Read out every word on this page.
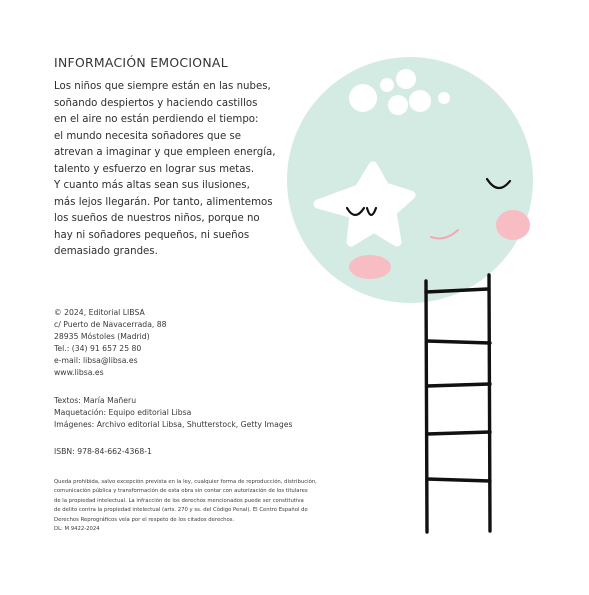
INFORMACIÓN EMOCIONAL
Los niños que siempre están en las nubes,
soñando despiertos y haciendo castillos
en el aire no están perdiendo el tiempo:
el mundo necesita soñadores que se
atrevan a imaginar y que empleen energía,
talento y esfuerzo en lograr sus metas.
Y cuanto más altas sean sus ilusiones,
más lejos llegarán. Por tanto, alimentemos
los sueños de nuestros niños, porque no
hay ni soñadores pequeños, ni sueños
demasiado grandes.
© 2024, Editorial LIBSA
c/ Puerto de Navacerrada, 88
28935 Móstoles (Madrid)
Tel.: (34) 91 657 25 80
e-mail: libsa@libsa.es
www.libsa.es
Textos: María Mañeru
Maquetación: Equipo editorial Libsa
Imágenes: Archivo editorial Libsa, Shutterstock, Getty Images
ISBN: 978-84-662-4368-1
Queda prohibida, salvo excepción prevista en la ley, cualquier forma de reproducción, distribución,
comunicación pública y transformación de esta obra sin contar con autorización de los titulares
de la propiedad intelectual. La infracción de los derechos mencionados puede ser constitutiva
de delito contra la propiedad intelectual (arts. 270 y ss. del Código Penal). El Centro Español de
Derechos Reprográficos vela por el respeto de los citados derechos.
DL: M 9422-2024
